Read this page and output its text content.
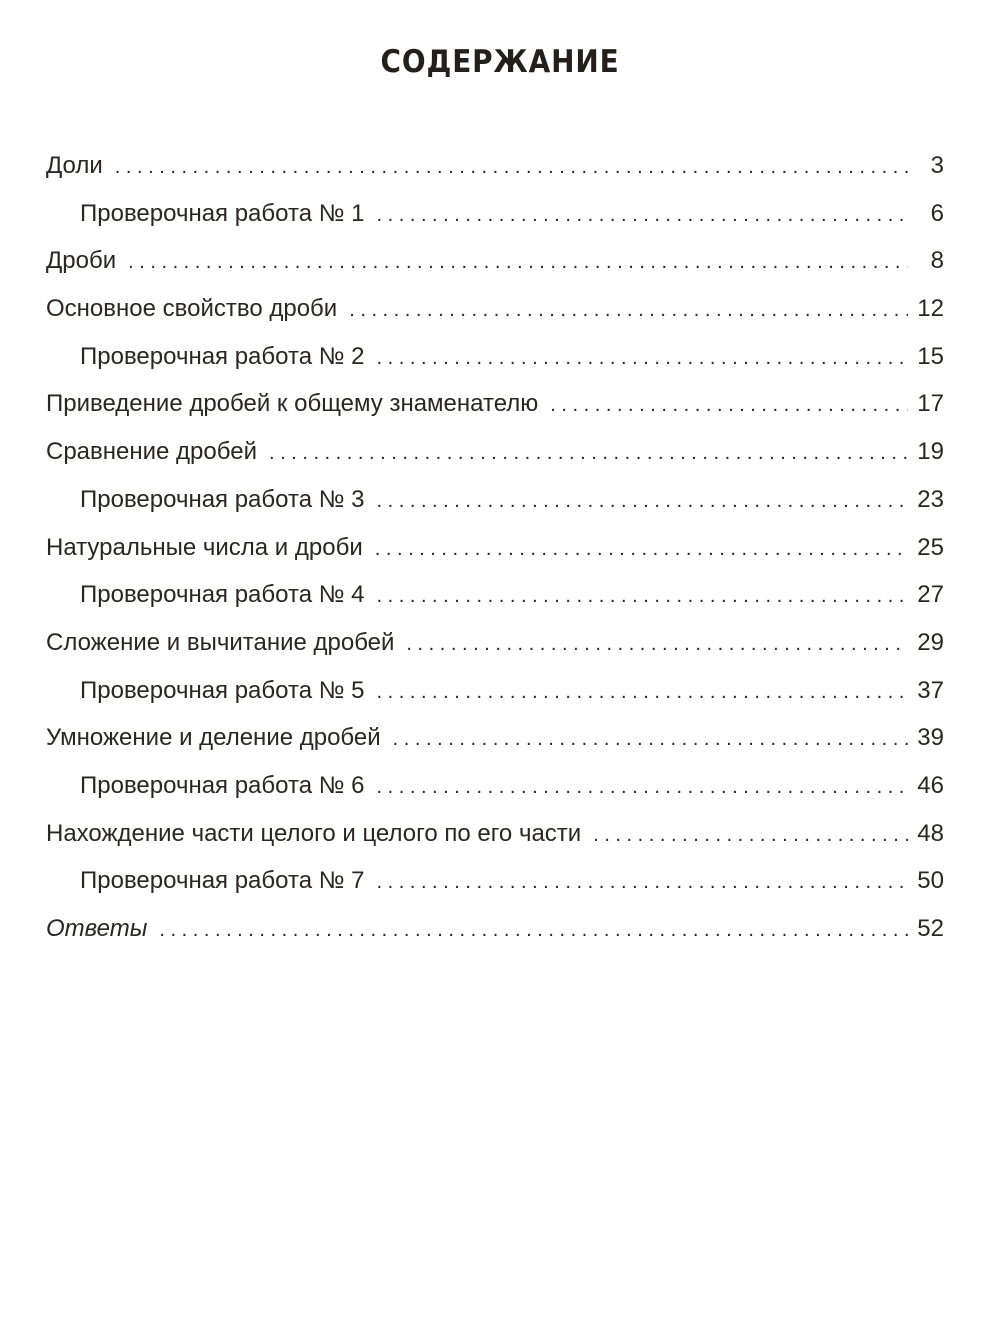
СОДЕРЖАНИЕ
Доли . . .	3
Проверочная работа № 1 . . .	6
Дроби . . .	8
Основное свойство дроби . . .	12
Проверочная работа № 2 . . .	15
Приведение дробей к общему знаменателю . . .	17
Сравнение дробей . . .	19
Проверочная работа № 3 . . .	23
Натуральные числа и дроби . . .	25
Проверочная работа № 4 . . .	27
Сложение и вычитание дробей . . .	29
Проверочная работа № 5 . . .	37
Умножение и деление дробей . . .	39
Проверочная работа № 6 . . .	46
Нахождение части целого и целого по его части . . .	48
Проверочная работа № 7 . . .	50
Ответы . . .	52
